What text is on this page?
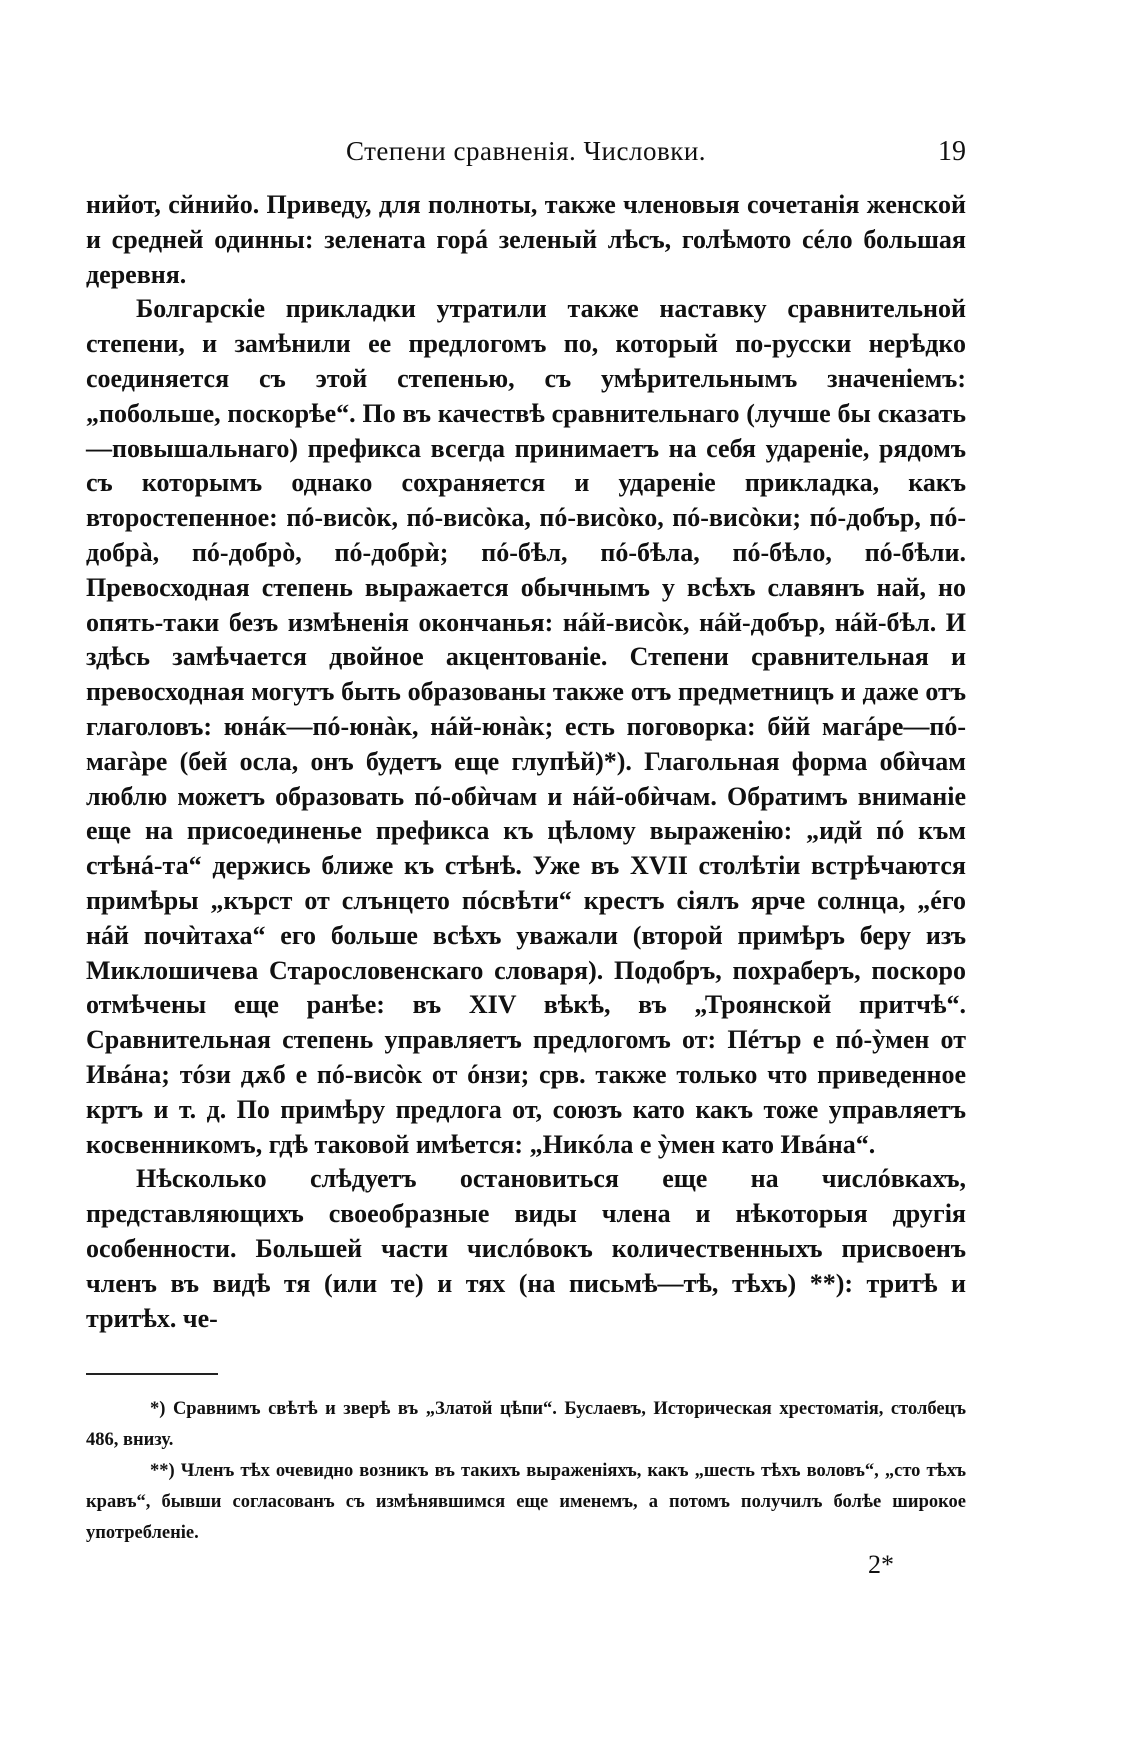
Степени сравненія. Числовки.	19

нийот, сйнийо. Приведу, для полноты, также членовыя сочетанія женской и средней одинны: зелената горá зеленый лѣсъ, голѣмото céло большая деревня.

Болгарскіе прикладки утратили также наставку сравнительной степени, и замѣнили ее предлогомъ по, который по-русски нерѣдко соединяется съ этой степенью, съ умѣрительнымъ значеніемъ: „побольше, поскорѣе“. По въ качествѣ сравнительнаго (лучше бы сказать—повышальнаго) префикса всегда принимаетъ на себя удареніе, рядомъ съ которымъ однако сохраняется и удареніе прикладка, какъ второстепенное: пó-висòк, пó-висòка, пó-висòко, пó-висòки; пó-добър, пó-добрà, пó-добрò, пó-добрѝ; пó-бѣл, пó-бѣла, пó-бѣло, пó-бѣли. Превосходная степень выражается обычнымъ у всѣхъ славянъ най, но опять-таки безъ измѣненія окончанья: нáй-висòк, нáй-добър, нáй-бѣл. И здѣсь замѣчается двойное акцентованіе. Степени сравнительная и превосходная могутъ быть образованы также отъ предметницъ и даже отъ глаголовъ: юнáк—пó-юнàк, нáй-юнàк; есть поговорка: бйй магáре—пó-магàре (бей осла, онъ будетъ еще глупѣй)*). Глагольная форма обѝчам люблю можетъ образовать пó-обѝчам и нáй-обѝчам. Обратимъ вниманіе еще на присоединенье префикса къ цѣлому выраженію: „идй пó към стѣнá-та“ держись ближе къ стѣнѣ. Уже въ XVII столѣтіи встрѣчаются примѣры „кърст от слънцето пóсвѣти“ крестъ сіялъ ярче солнца, „éго нáй почѝтаха“ его больше всѣхъ уважали (второй примѣръ беру изъ Миклошичева Старословенскаго словаря). Подобръ, похраберъ, поскоро отмѣчены еще ранѣе: въ XIV вѣкѣ, въ „Троянской притчѣ“. Сравнительная степень управляетъ предлогомъ от: Пéтър е пó-ỳмен от Ивáна; тóзи дѫб е пó-висòк от óнзи; срв. также только что приведенное кртъ и т. д. По примѣру предлога от, союзъ като какъ тоже управляетъ косвенникомъ, гдѣ таковой имѣется: „Никóла е ỳмен като Ивáна“.

Нѣсколько слѣдуетъ остановиться еще на числóвкахъ, представляющихъ своеобразные виды члена и нѣкоторыя другія особенности. Большей части числóвокъ количественныхъ присвоенъ членъ въ видѣ тя (или те) и тях (на письмѣ—тѣ, тѣхъ) **): тритѣ и тритѣх. че-

*) Сравнимъ свѣтѣ и зверѣ въ „Златой цѣпи“. Буслаевъ, Историческая хрестоматія, столбецъ 486, внизу.

**) Членъ тѣх очевидно возникъ въ такихъ выраженіяхъ, какъ „шесть тѣхъ воловъ“, „сто тѣхъ кравъ“, бывши согласованъ съ измѣнявшимся еще именемъ, а потомъ получилъ болѣе широкое употребленіе.

2*
